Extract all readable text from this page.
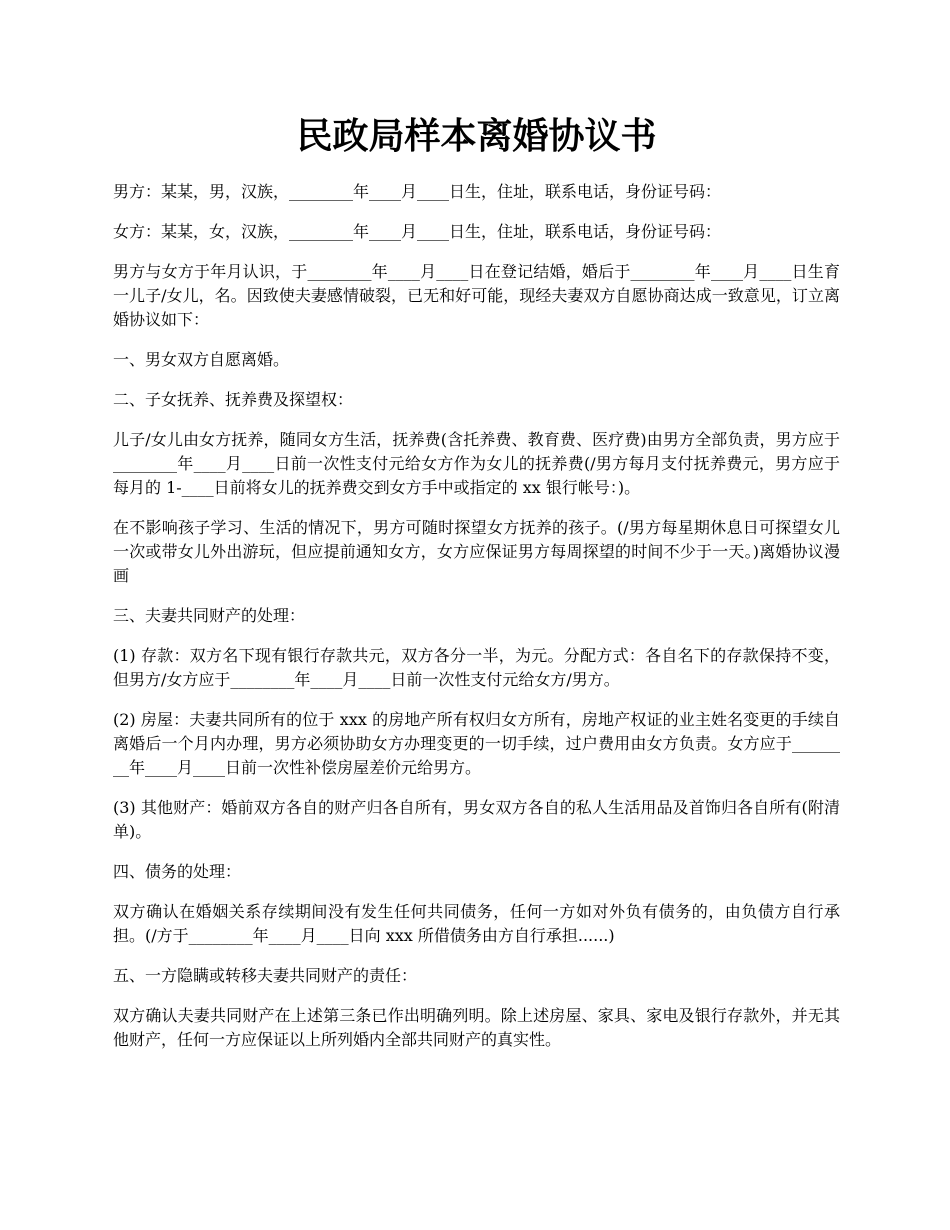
民政局样本离婚协议书

男方：某某，男，汉族，________年____月____日生，住址，联系电话，身份证号码：

女方：某某，女，汉族，________年____月____日生，住址，联系电话，身份证号码：

男方与女方于年月认识，于________年____月____日在登记结婚，婚后于________年____月____日生育一儿子/女儿，名。因致使夫妻感情破裂，已无和好可能，现经夫妻双方自愿协商达成一致意见，订立离婚协议如下：

一、男女双方自愿离婚。

二、子女抚养、抚养费及探望权：

儿子/女儿由女方抚养，随同女方生活，抚养费(含托养费、教育费、医疗费)由男方全部负责，男方应于________年____月____日前一次性支付元给女方作为女儿的抚养费(/男方每月支付抚养费元，男方应于每月的 1-____日前将女儿的抚养费交到女方手中或指定的 xx 银行帐号：)。

在不影响孩子学习、生活的情况下，男方可随时探望女方抚养的孩子。(/男方每星期休息日可探望女儿一次或带女儿外出游玩，但应提前通知女方，女方应保证男方每周探望的时间不少于一天。)离婚协议漫画

三、夫妻共同财产的处理：

(1) 存款：双方名下现有银行存款共元，双方各分一半，为元。分配方式：各自名下的存款保持不变，但男方/女方应于________年____月____日前一次性支付元给女方/男方。

(2) 房屋：夫妻共同所有的位于 xxx 的房地产所有权归女方所有，房地产权证的业主姓名变更的手续自离婚后一个月内办理，男方必须协助女方办理变更的一切手续，过户费用由女方负责。女方应于________年____月____日前一次性补偿房屋差价元给男方。

(3) 其他财产：婚前双方各自的财产归各自所有，男女双方各自的私人生活用品及首饰归各自所有(附清单)。

四、债务的处理：

双方确认在婚姻关系存续期间没有发生任何共同债务，任何一方如对外负有债务的，由负债方自行承担。(/方于________年____月____日向 xxx 所借债务由方自行承担......)

五、一方隐瞒或转移夫妻共同财产的责任：

双方确认夫妻共同财产在上述第三条已作出明确列明。除上述房屋、家具、家电及银行存款外，并无其他财产，任何一方应保证以上所列婚内全部共同财产的真实性。
